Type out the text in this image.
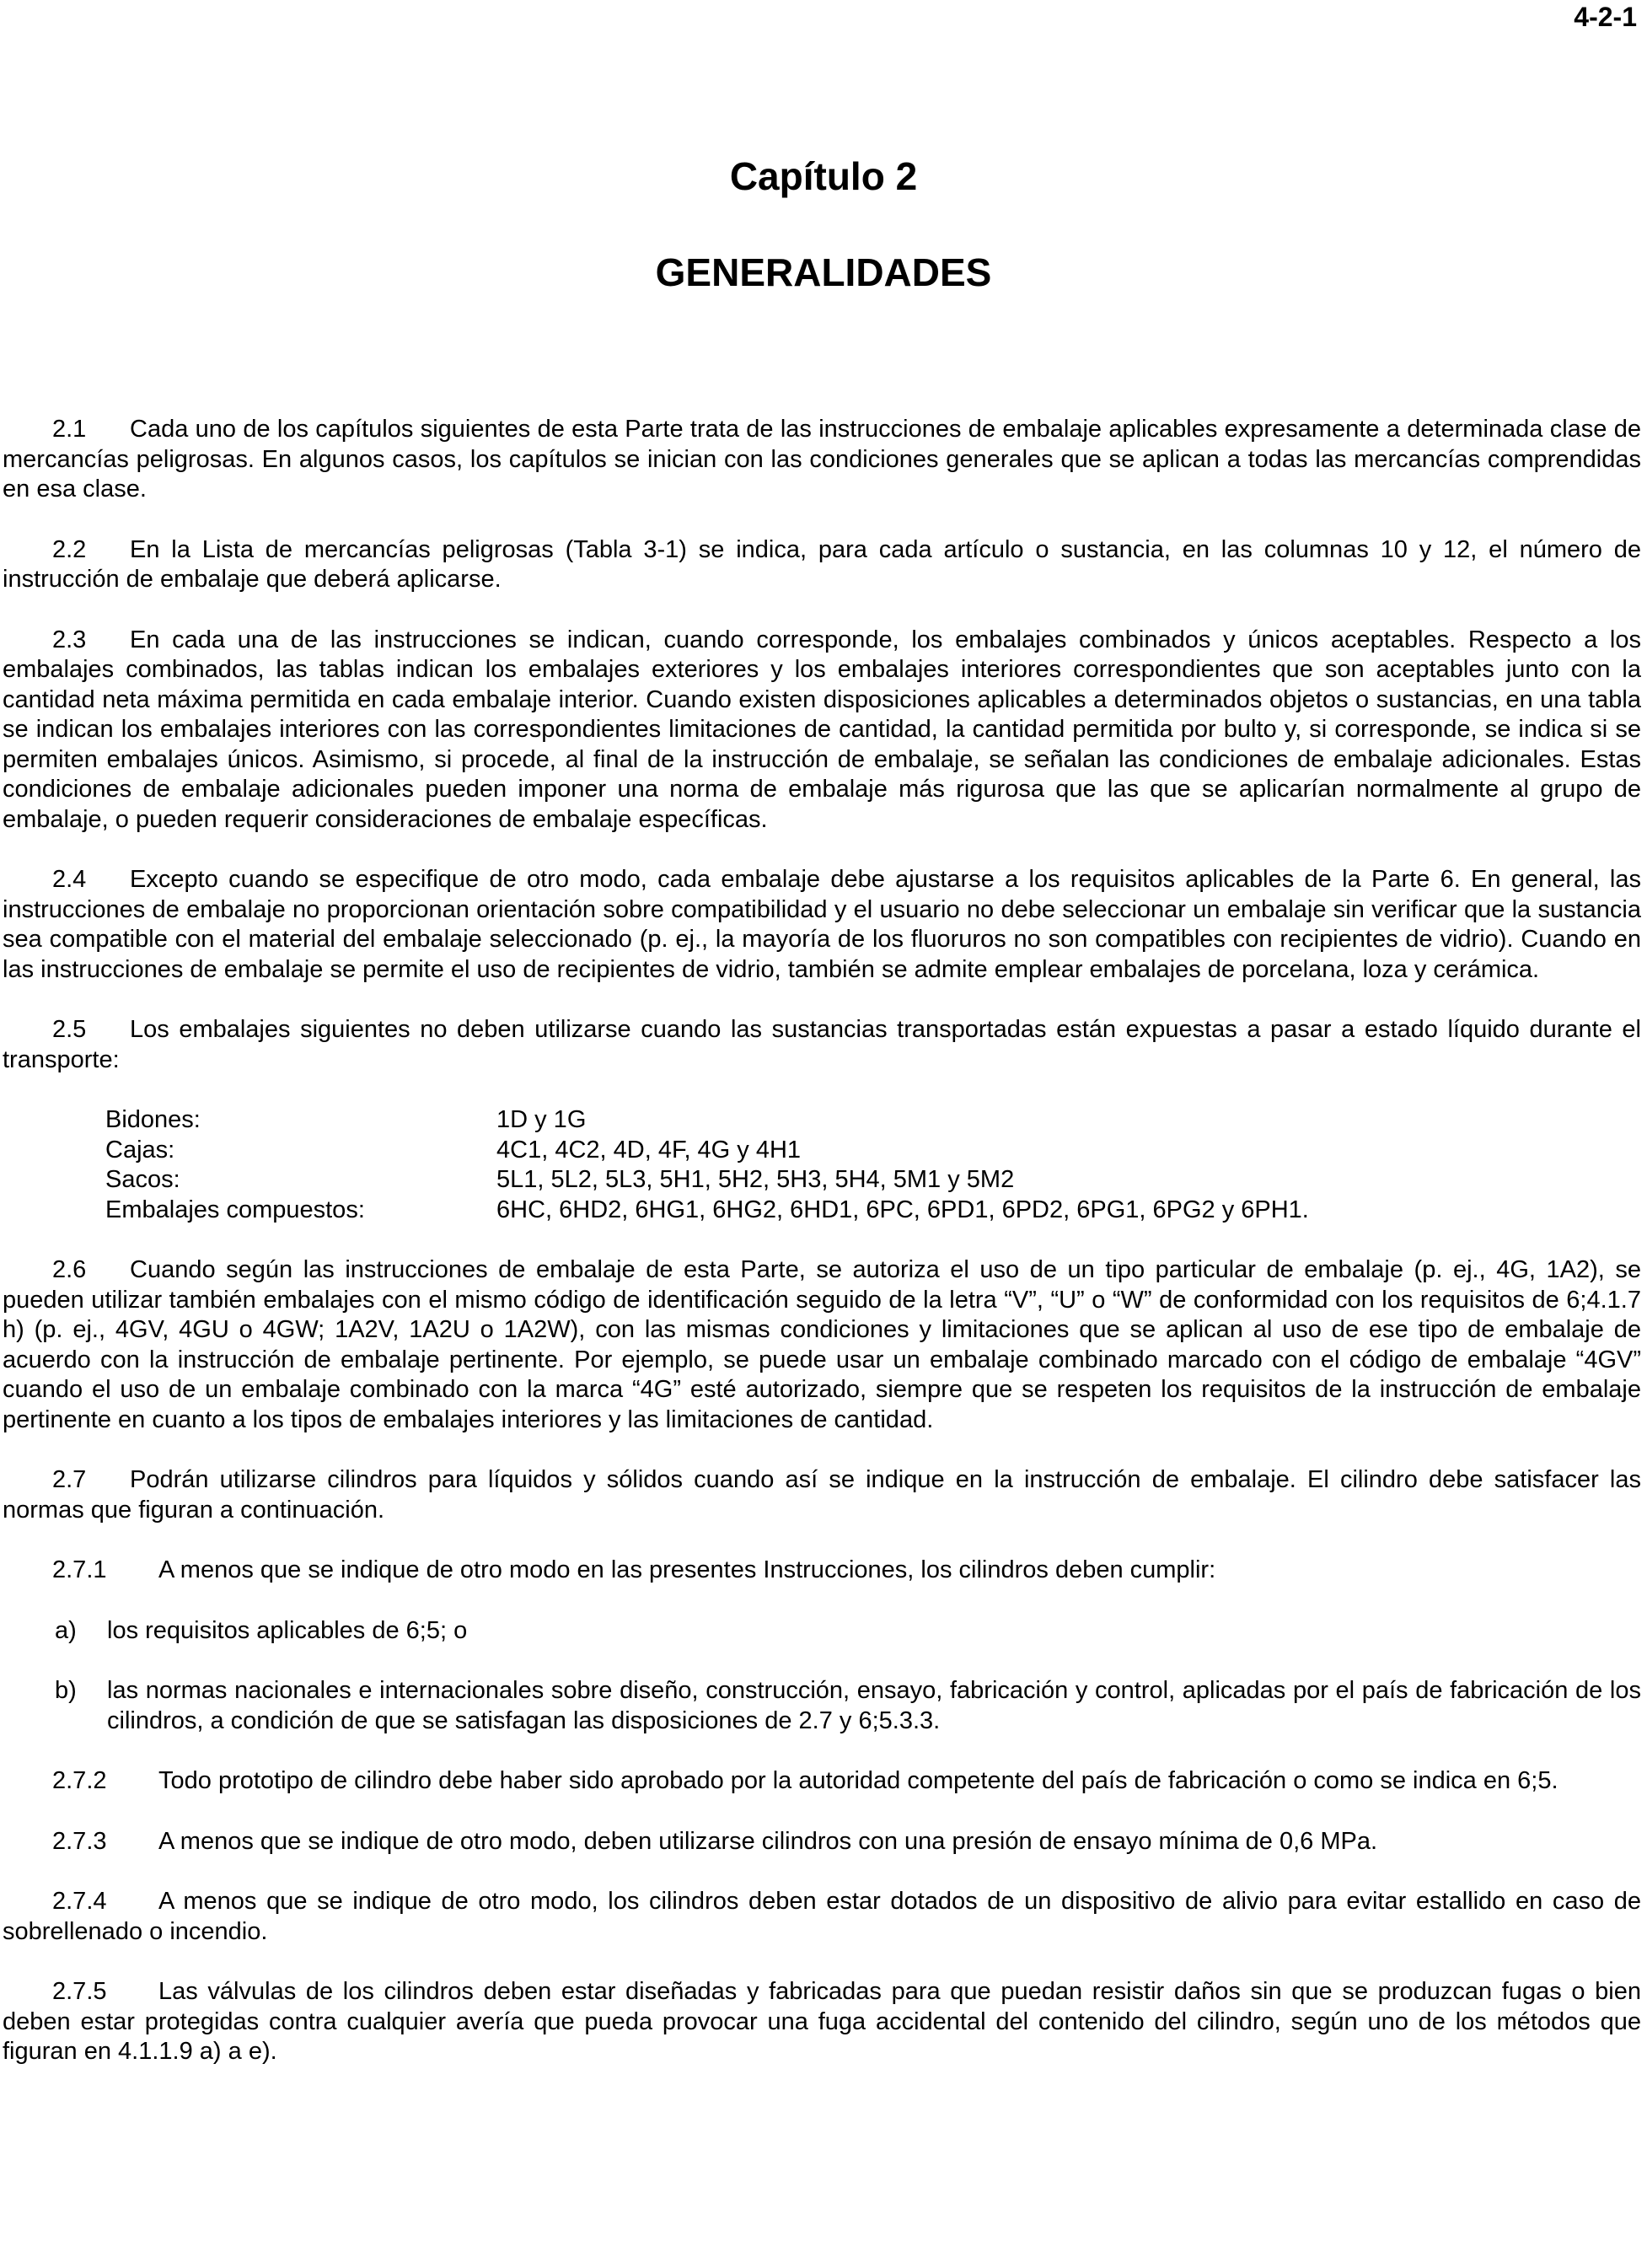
4-2-1
Capítulo 2
GENERALIDADES

2.1 Cada uno de los capítulos siguientes de esta Parte trata de las instrucciones de embalaje aplicables expresamente a determinada clase de mercancías peligrosas. En algunos casos, los capítulos se inician con las condiciones generales que se aplican a todas las mercancías comprendidas en esa clase.

2.2 En la Lista de mercancías peligrosas (Tabla 3-1) se indica, para cada artículo o sustancia, en las columnas 10 y 12, el número de instrucción de embalaje que deberá aplicarse.

2.3 En cada una de las instrucciones se indican, cuando corresponde, los embalajes combinados y únicos aceptables. Respecto a los embalajes combinados, las tablas indican los embalajes exteriores y los embalajes interiores correspondientes que son aceptables junto con la cantidad neta máxima permitida en cada embalaje interior. Cuando existen disposiciones aplicables a determinados objetos o sustancias, en una tabla se indican los embalajes interiores con las correspondientes limitaciones de cantidad, la cantidad permitida por bulto y, si corresponde, se indica si se permiten embalajes únicos. Asimismo, si procede, al final de la instrucción de embalaje, se señalan las condiciones de embalaje adicionales. Estas condiciones de embalaje adicionales pueden imponer una norma de embalaje más rigurosa que las que se aplicarían normalmente al grupo de embalaje, o pueden requerir consideraciones de embalaje específicas.

2.4 Excepto cuando se especifique de otro modo, cada embalaje debe ajustarse a los requisitos aplicables de la Parte 6. En general, las instrucciones de embalaje no proporcionan orientación sobre compatibilidad y el usuario no debe seleccionar un embalaje sin verificar que la sustancia sea compatible con el material del embalaje seleccionado (p. ej., la mayoría de los fluoruros no son compatibles con recipientes de vidrio). Cuando en las instrucciones de embalaje se permite el uso de recipientes de vidrio, también se admite emplear embalajes de porcelana, loza y cerámica.

2.5 Los embalajes siguientes no deben utilizarse cuando las sustancias transportadas están expuestas a pasar a estado líquido durante el transporte:

Bidones:	1D y 1G
Cajas:	4C1, 4C2, 4D, 4F, 4G y 4H1
Sacos:	5L1, 5L2, 5L3, 5H1, 5H2, 5H3, 5H4, 5M1 y 5M2
Embalajes compuestos:	6HC, 6HD2, 6HG1, 6HG2, 6HD1, 6PC, 6PD1, 6PD2, 6PG1, 6PG2 y 6PH1.

2.6 Cuando según las instrucciones de embalaje de esta Parte, se autoriza el uso de un tipo particular de embalaje (p. ej., 4G, 1A2), se pueden utilizar también embalajes con el mismo código de identificación seguido de la letra “V”, “U” o “W” de conformidad con los requisitos de 6;4.1.7 h) (p. ej., 4GV, 4GU o 4GW; 1A2V, 1A2U o 1A2W), con las mismas condiciones y limitaciones que se aplican al uso de ese tipo de embalaje de acuerdo con la instrucción de embalaje pertinente. Por ejemplo, se puede usar un embalaje combinado marcado con el código de embalaje “4GV” cuando el uso de un embalaje combinado con la marca “4G” esté autorizado, siempre que se respeten los requisitos de la instrucción de embalaje pertinente en cuanto a los tipos de embalajes interiores y las limitaciones de cantidad.

2.7 Podrán utilizarse cilindros para líquidos y sólidos cuando así se indique en la instrucción de embalaje. El cilindro debe satisfacer las normas que figuran a continuación.

2.7.1 A menos que se indique de otro modo en las presentes Instrucciones, los cilindros deben cumplir:

a) los requisitos aplicables de 6;5; o

b) las normas nacionales e internacionales sobre diseño, construcción, ensayo, fabricación y control, aplicadas por el país de fabricación de los cilindros, a condición de que se satisfagan las disposiciones de 2.7 y 6;5.3.3.

2.7.2 Todo prototipo de cilindro debe haber sido aprobado por la autoridad competente del país de fabricación o como se indica en 6;5.

2.7.3 A menos que se indique de otro modo, deben utilizarse cilindros con una presión de ensayo mínima de 0,6 MPa.

2.7.4 A menos que se indique de otro modo, los cilindros deben estar dotados de un dispositivo de alivio para evitar estallido en caso de sobrellenado o incendio.

2.7.5 Las válvulas de los cilindros deben estar diseñadas y fabricadas para que puedan resistir daños sin que se produzcan fugas o bien deben estar protegidas contra cualquier avería que pueda provocar una fuga accidental del contenido del cilindro, según uno de los métodos que figuran en 4.1.1.9 a) a e).
